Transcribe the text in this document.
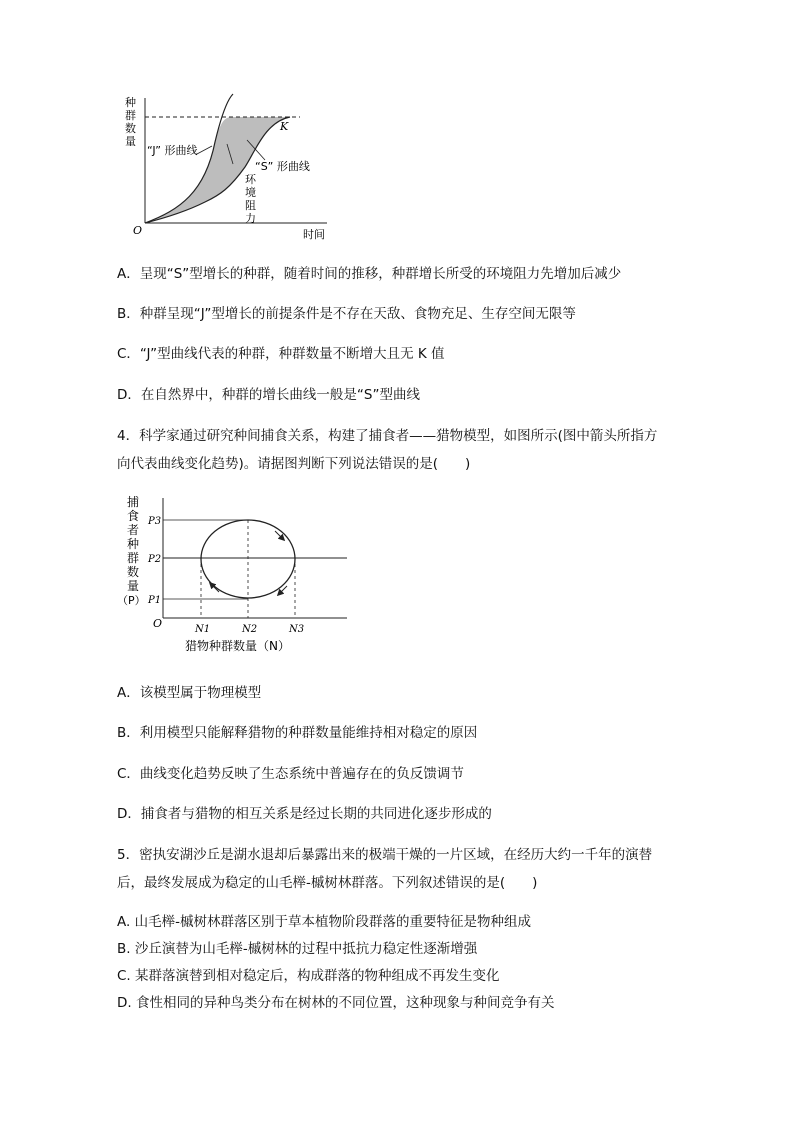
种
群
数
量
O	时间
K
“J” 形曲线
“S” 形曲线
环
境
阻
力
A．呈现“S”型增长的种群，随着时间的推移，种群增长所受的环境阻力先增加后减少
B．种群呈现“J”型增长的前提条件是不存在天敌、食物充足、生存空间无限等
C．“J”型曲线代表的种群，种群数量不断增大且无 K 值
D．在自然界中，种群的增长曲线一般是“S”型曲线
4．科学家通过研究种间捕食关系，构建了捕食者——猎物模型，如图所示(图中箭头所指方
向代表曲线变化趋势)。请据图判断下列说法错误的是(　　)
捕
食
者
种
群
数
量
（P）
P3
P2
P1
O	N1	N2	N3
猎物种群数量（N）
A．该模型属于物理模型
B．利用模型只能解释猎物的种群数量能维持相对稳定的原因
C．曲线变化趋势反映了生态系统中普遍存在的负反馈调节
D．捕食者与猎物的相互关系是经过长期的共同进化逐步形成的
5．密执安湖沙丘是湖水退却后暴露出来的极端干燥的一片区域，在经历大约一千年的演替
后，最终发展成为稳定的山毛榉-槭树林群落。下列叙述错误的是(　　)
A. 山毛榉-槭树林群落区别于草本植物阶段群落的重要特征是物种组成
B. 沙丘演替为山毛榉-槭树林的过程中抵抗力稳定性逐渐增强
C. 某群落演替到相对稳定后，构成群落的物种组成不再发生变化
D. 食性相同的异种鸟类分布在树林的不同位置，这种现象与种间竞争有关
